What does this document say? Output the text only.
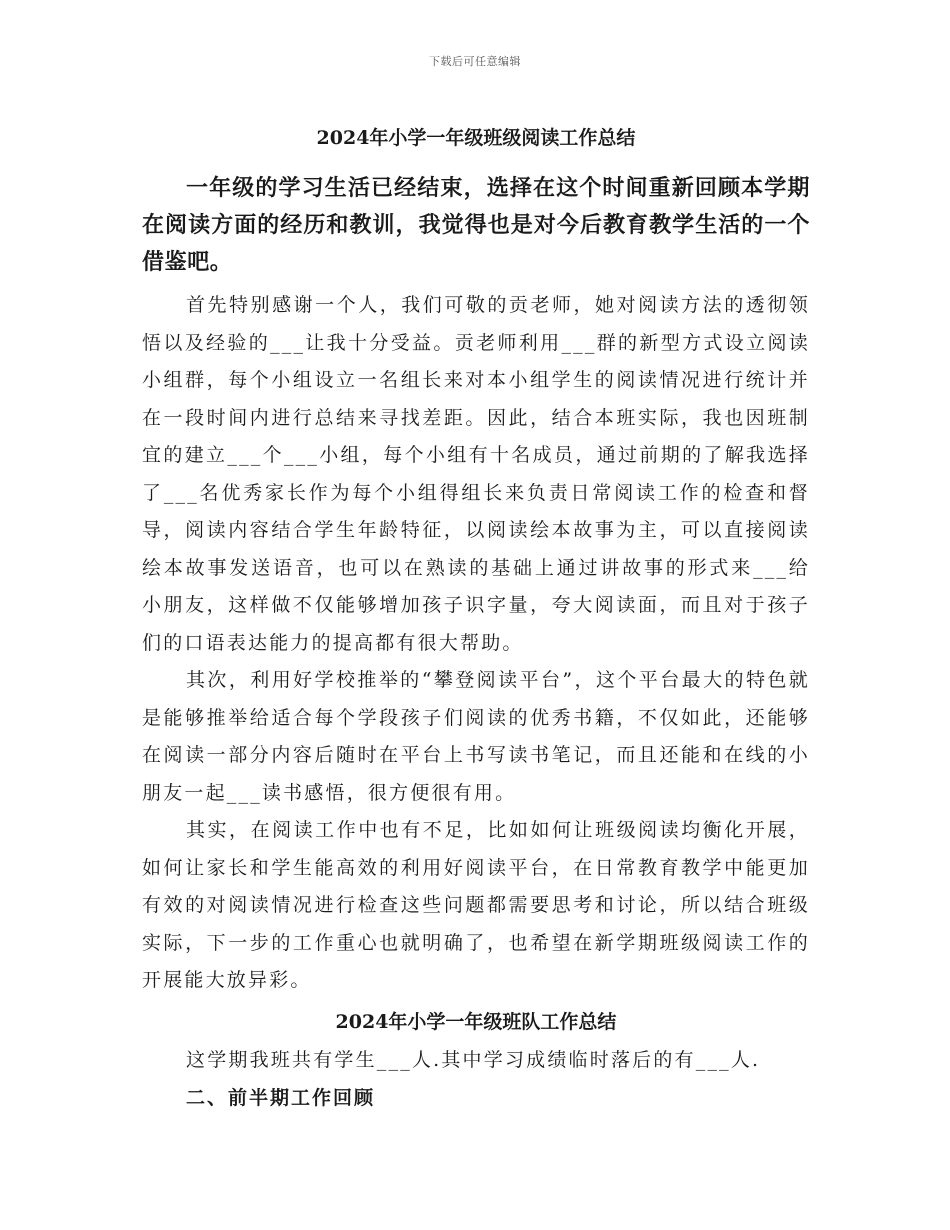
下载后可任意编辑
2024年小学一年级班级阅读工作总结

一年级的学习生活已经结束，选择在这个时间重新回顾本学期在阅读方面的经历和教训，我觉得也是对今后教育教学生活的一个借鉴吧。

首先特别感谢一个人，我们可敬的贡老师，她对阅读方法的透彻领悟以及经验的___让我十分受益。贡老师利用___群的新型方式设立阅读小组群，每个小组设立一名组长来对本小组学生的阅读情况进行统计并在一段时间内进行总结来寻找差距。因此，结合本班实际，我也因班制宜的建立___个___小组，每个小组有十名成员，通过前期的了解我选择了___名优秀家长作为每个小组得组长来负责日常阅读工作的检查和督导，阅读内容结合学生年龄特征，以阅读绘本故事为主，可以直接阅读绘本故事发送语音，也可以在熟读的基础上通过讲故事的形式来___给小朋友，这样做不仅能够增加孩子识字量，夸大阅读面，而且对于孩子们的口语表达能力的提高都有很大帮助。

其次，利用好学校推举的“攀登阅读平台”，这个平台最大的特色就是能够推举给适合每个学段孩子们阅读的优秀书籍，不仅如此，还能够在阅读一部分内容后随时在平台上书写读书笔记，而且还能和在线的小朋友一起___读书感悟，很方便很有用。

其实，在阅读工作中也有不足，比如如何让班级阅读均衡化开展，如何让家长和学生能高效的利用好阅读平台，在日常教育教学中能更加有效的对阅读情况进行检查这些问题都需要思考和讨论，所以结合班级实际，下一步的工作重心也就明确了，也希望在新学期班级阅读工作的开展能大放异彩。

2024年小学一年级班队工作总结

这学期我班共有学生___人.其中学习成绩临时落后的有___人.

二、前半期工作回顾
